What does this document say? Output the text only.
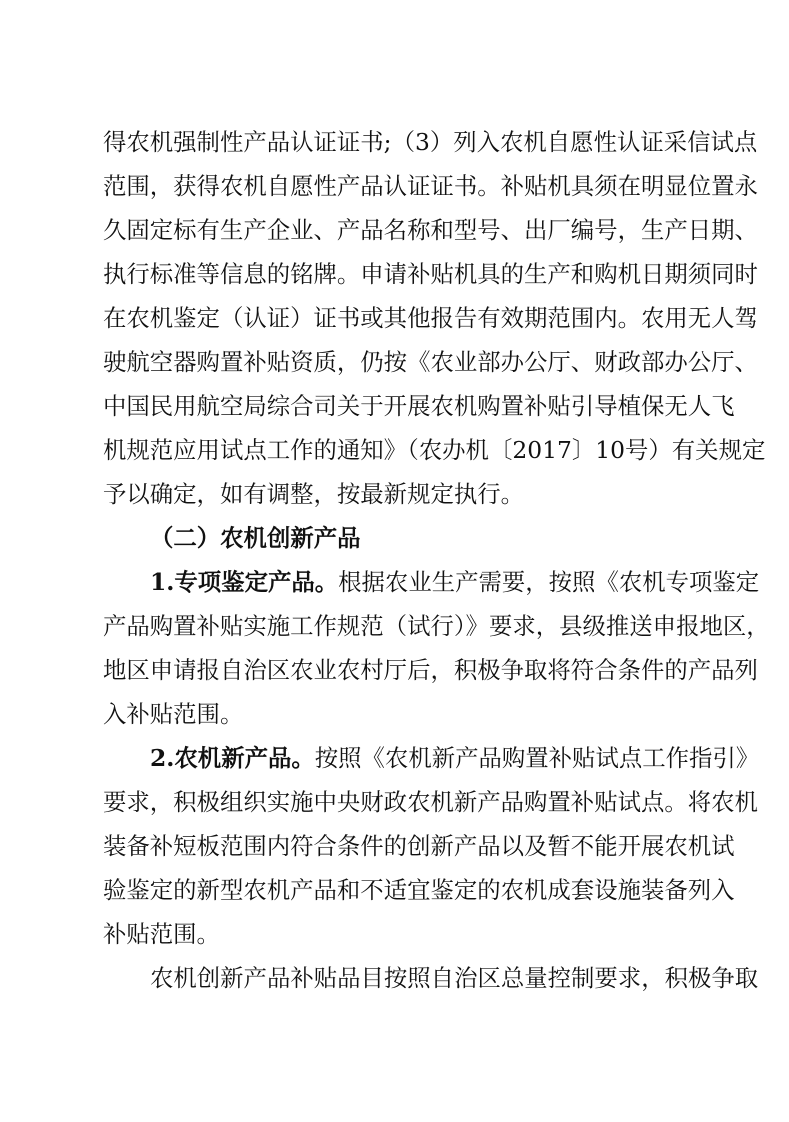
得农机强制性产品认证证书;（3）列入农机自愿性认证采信试点
范围，获得农机自愿性产品认证证书。补贴机具须在明显位置永
久固定标有生产企业、产品名称和型号、出厂编号，生产日期、
执行标准等信息的铭牌。申请补贴机具的生产和购机日期须同时
在农机鉴定（认证）证书或其他报告有效期范围内。农用无人驾
驶航空器购置补贴资质，仍按《农业部办公厅、财政部办公厅、
中国民用航空局综合司关于开展农机购置补贴引导植保无人飞
机规范应用试点工作的通知》（农办机〔2017〕10号）有关规定
予以确定，如有调整，按最新规定执行。
（二）农机创新产品
1.专项鉴定产品。根据农业生产需要，按照《农机专项鉴定
产品购置补贴实施工作规范（试行）》要求，县级推送申报地区，
地区申请报自治区农业农村厅后，积极争取将符合条件的产品列
入补贴范围。
2.农机新产品。按照《农机新产品购置补贴试点工作指引》
要求，积极组织实施中央财政农机新产品购置补贴试点。将农机
装备补短板范围内符合条件的创新产品以及暂不能开展农机试
验鉴定的新型农机产品和不适宜鉴定的农机成套设施装备列入
补贴范围。
农机创新产品补贴品目按照自治区总量控制要求，积极争取
